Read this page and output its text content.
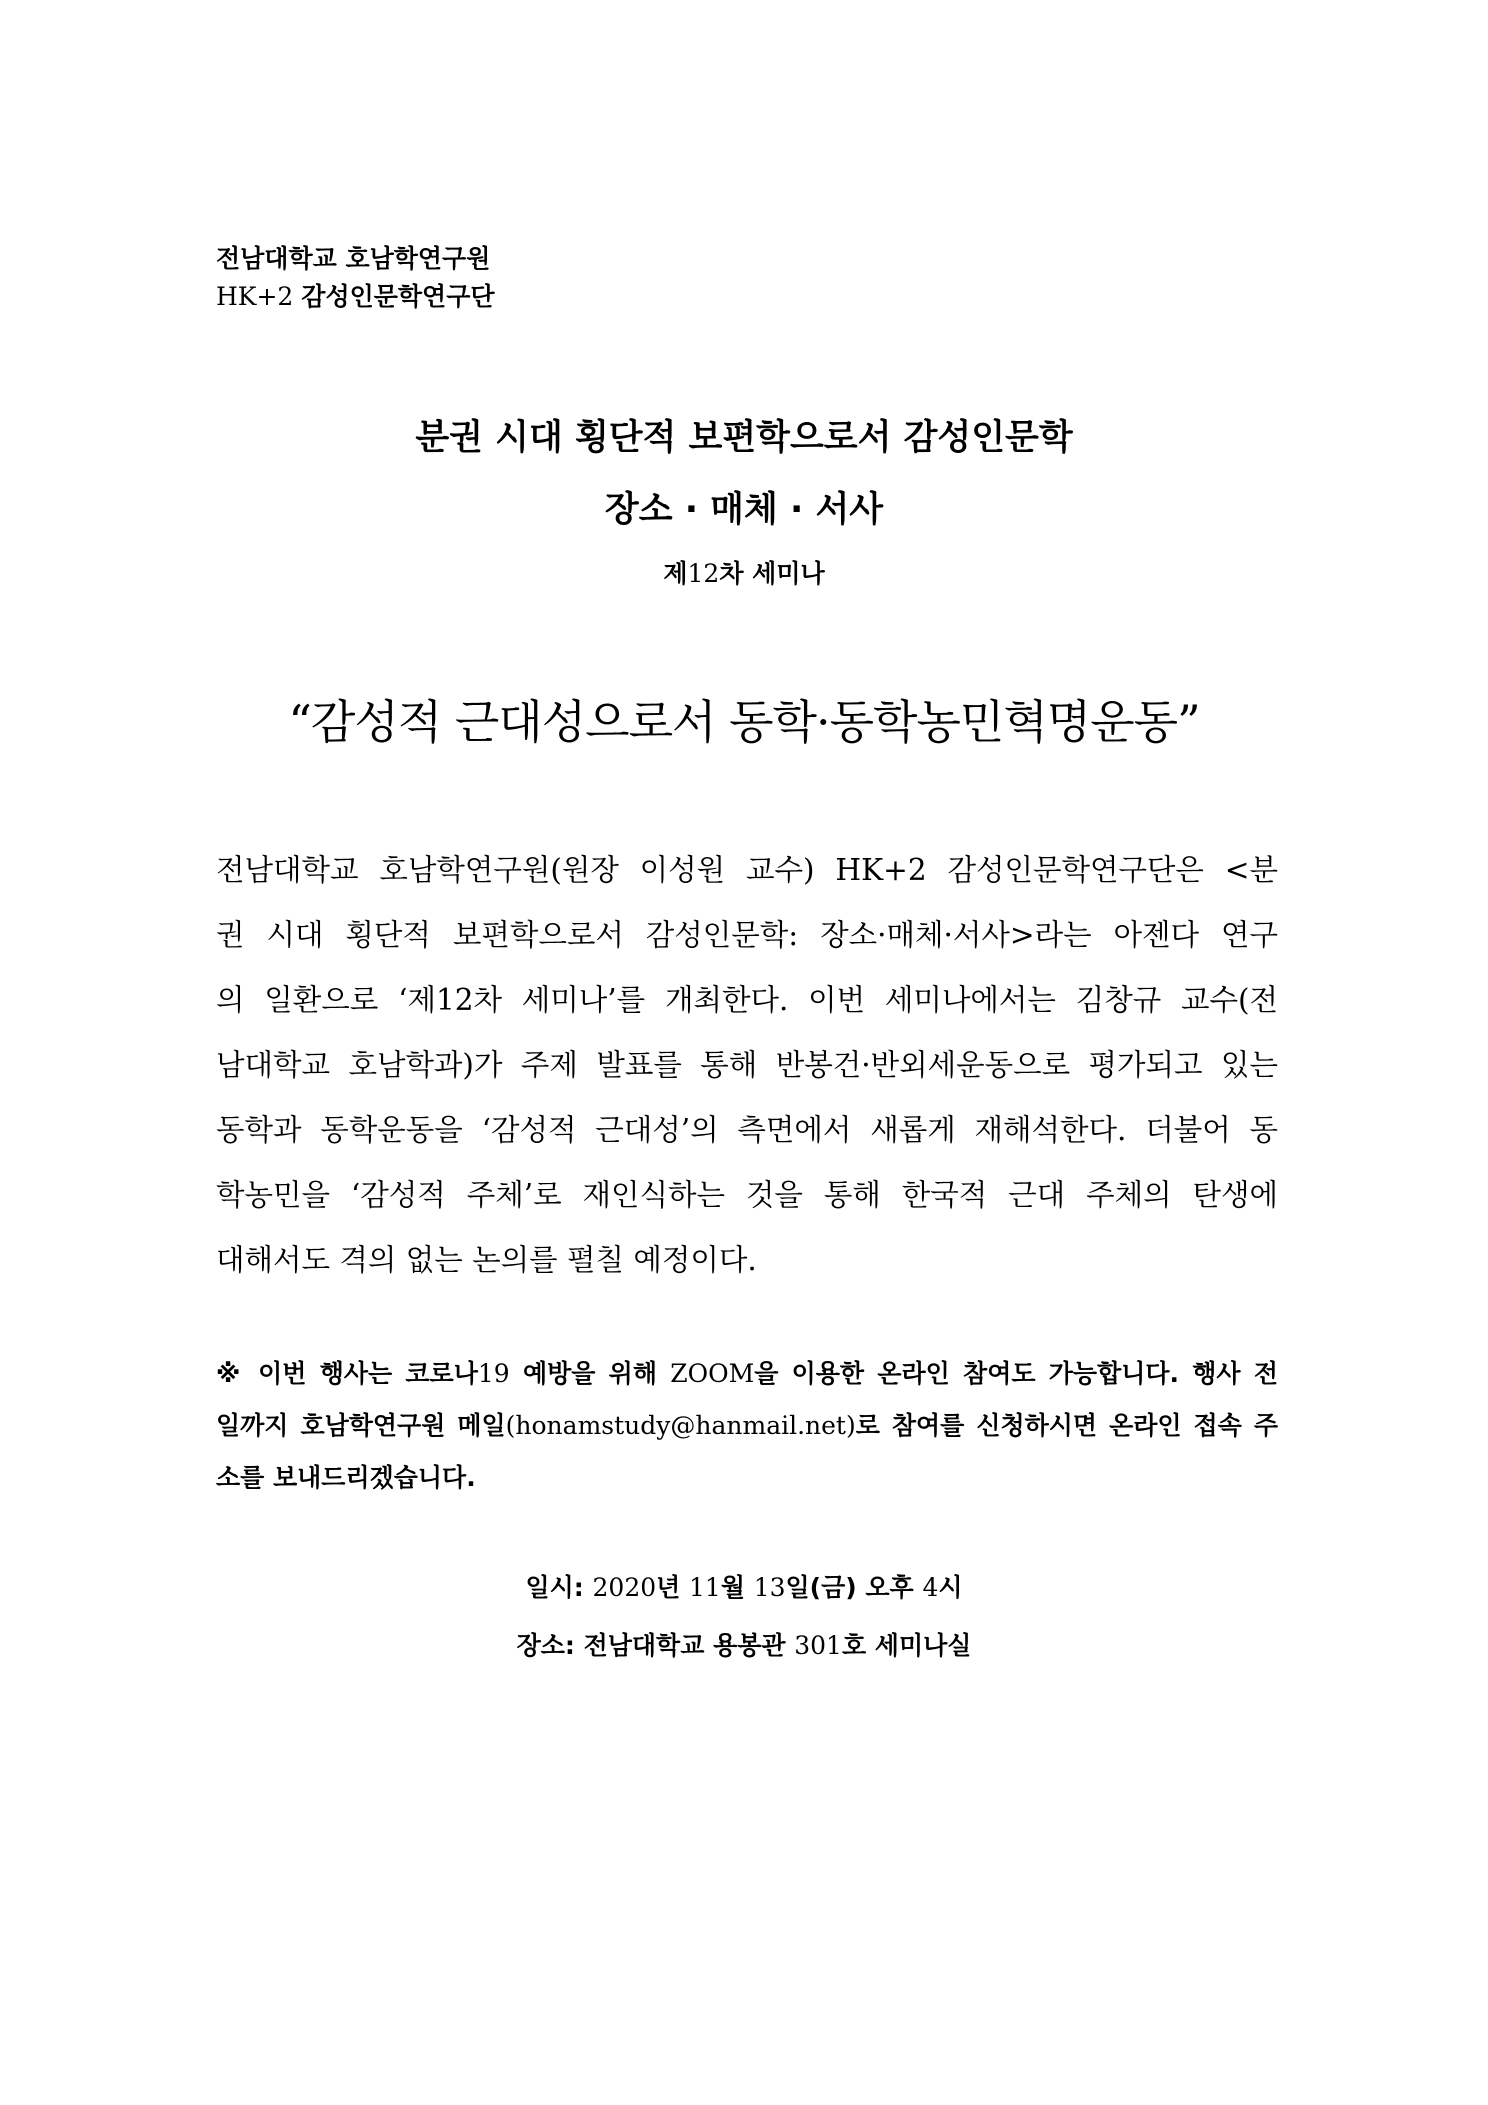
전남대학교 호남학연구원
HK+2 감성인문학연구단
분권 시대 횡단적 보편학으로서 감성인문학
장소 · 매체 · 서사
제12차 세미나
“감성적 근대성으로서 동학·동학농민혁명운동”
전남대학교 호남학연구원(원장 이성원 교수) HK+2 감성인문학연구단은 <분
권 시대 횡단적 보편학으로서 감성인문학: 장소·매체·서사>라는 아젠다 연구
의 일환으로 ‘제12차 세미나’를 개최한다. 이번 세미나에서는 김창규 교수(전
남대학교 호남학과)가 주제 발표를 통해 반봉건·반외세운동으로 평가되고 있는
동학과 동학운동을 ‘감성적 근대성’의 측면에서 새롭게 재해석한다. 더불어 동
학농민을 ‘감성적 주체’로 재인식하는 것을 통해 한국적 근대 주체의 탄생에
대해서도 격의 없는 논의를 펼칠 예정이다.
※ 이번 행사는 코로나19 예방을 위해 ZOOM을 이용한 온라인 참여도 가능합니다. 행사 전
일까지 호남학연구원 메일(honamstudy@hanmail.net)로 참여를 신청하시면 온라인 접속 주
소를 보내드리겠습니다.
일시: 2020년 11월 13일(금) 오후 4시
장소: 전남대학교 용봉관 301호 세미나실
